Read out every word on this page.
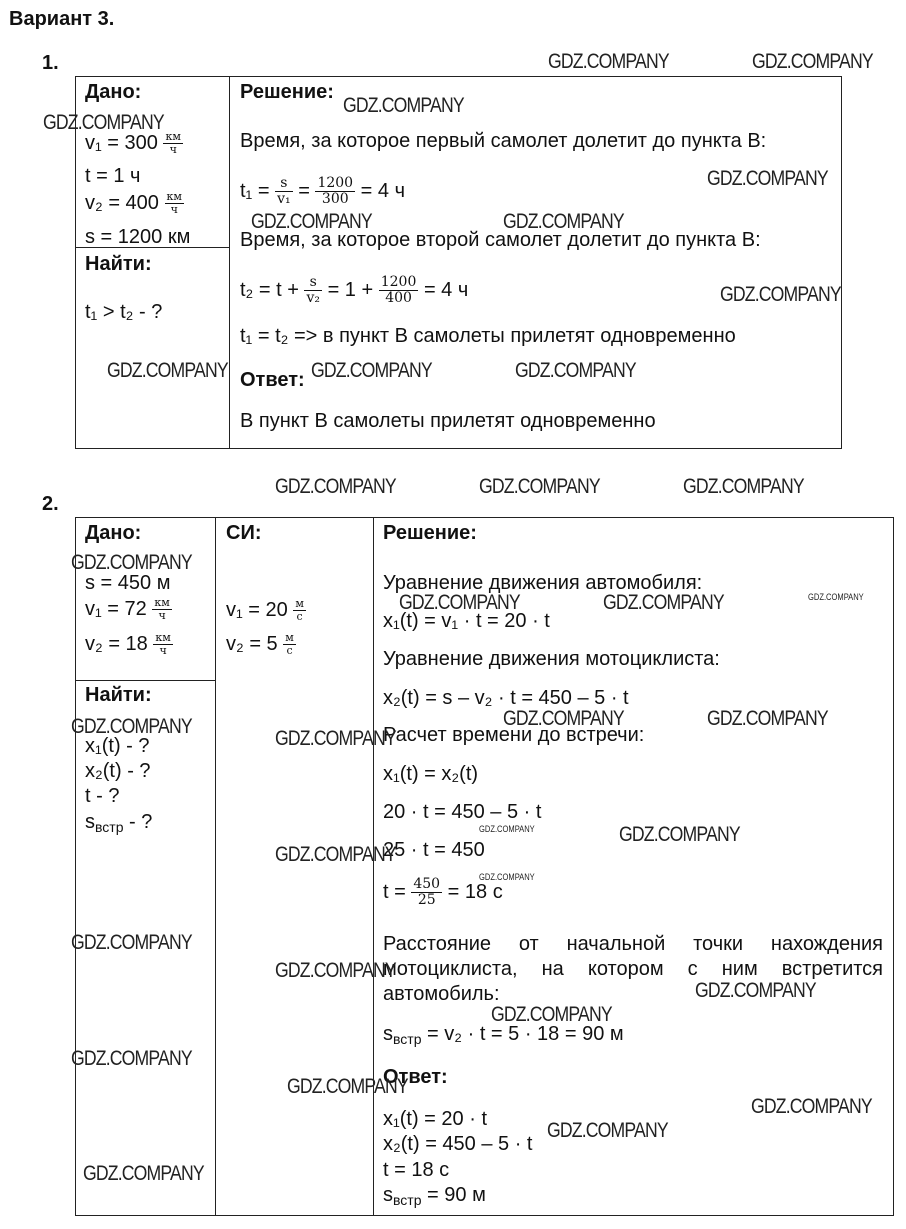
Вариант 3.
1.
Дано:
v₁ = 300 км
ч
t = 1 ч
v₂ = 400 км
ч
s = 1200 км
Найти:
t₁ > t₂ - ?
Решение:
Время, за которое первый самолет долетит до пункта В:
$t_1 = \frac{s}{\text{v₁}} = \frac{1200}{300} = 4$ ч
Время, за которое второй самолет долетит до пункта В:
$t_2 = t + \frac{s}{\text{v₂}} = 1 + \frac{1200}{400} = 4$ ч
t₁ = t₂ => в пункт В самолеты прилетят одновременно
Ответ:
В пункт В самолеты прилетят одновременно
2.
Дано:
s = 450 м
v₁ = 72 км
ч
v₂ = 18 км
ч
Найти:
x₁(t) - ?
x₂(t) - ?
t - ?
$s_{встр}$ - ?
СИ:
v₁ = 20 м
с
v₂ = 5 м
с
Решение:
Уравнение движения автомобиля:
x₁(t) = v₁ · t = 20 · t
Уравнение движения мотоциклиста:
x₂(t) = s – v₂ · t = 450 – 5 · t
Расчет времени до встречи:
x₁(t) = x₂(t)
20 · t = 450 – 5 · t
25 · t = 450
$t = \frac{450}{25} = 18$ с
Расстояние от начальной точки нахождения мотоциклиста, на котором с ним встретится автомобиль:
$s_{встр} = v_2 \cdot t = 5 \cdot 18 = 90$ м
Ответ:
x₁(t) = 20 · t
x₂(t) = 450 – 5 · t
t = 18 с
$s_{встр} = 90$ м
GDZ.COMPANY	GDZ.COMPANY
GDZ.COMPANY
GDZ.COMPANY
GDZ.COMPANY
GDZ.COMPANY	GDZ.COMPANY
GDZ.COMPANY
GDZ.COMPANY	GDZ.COMPANY	GDZ.COMPANY
GDZ.COMPANY	GDZ.COMPANY	GDZ.COMPANY
GDZ.COMPANY
GDZ.COMPANY	GDZ.COMPANY	GDZ.COMPANY
GDZ.COMPANY	GDZ.COMPANY	GDZ.COMPANY
GDZ.COMPANY
GDZ.COMPANY	GDZ.COMPANY
GDZ.COMPANY
GDZ.COMPANY
GDZ.COMPANY
GDZ.COMPANY
GDZ.COMPANY
GDZ.COMPANY
GDZ.COMPANY
GDZ.COMPANY
GDZ.COMPANY
GDZ.COMPANY
GDZ.COMPANY
